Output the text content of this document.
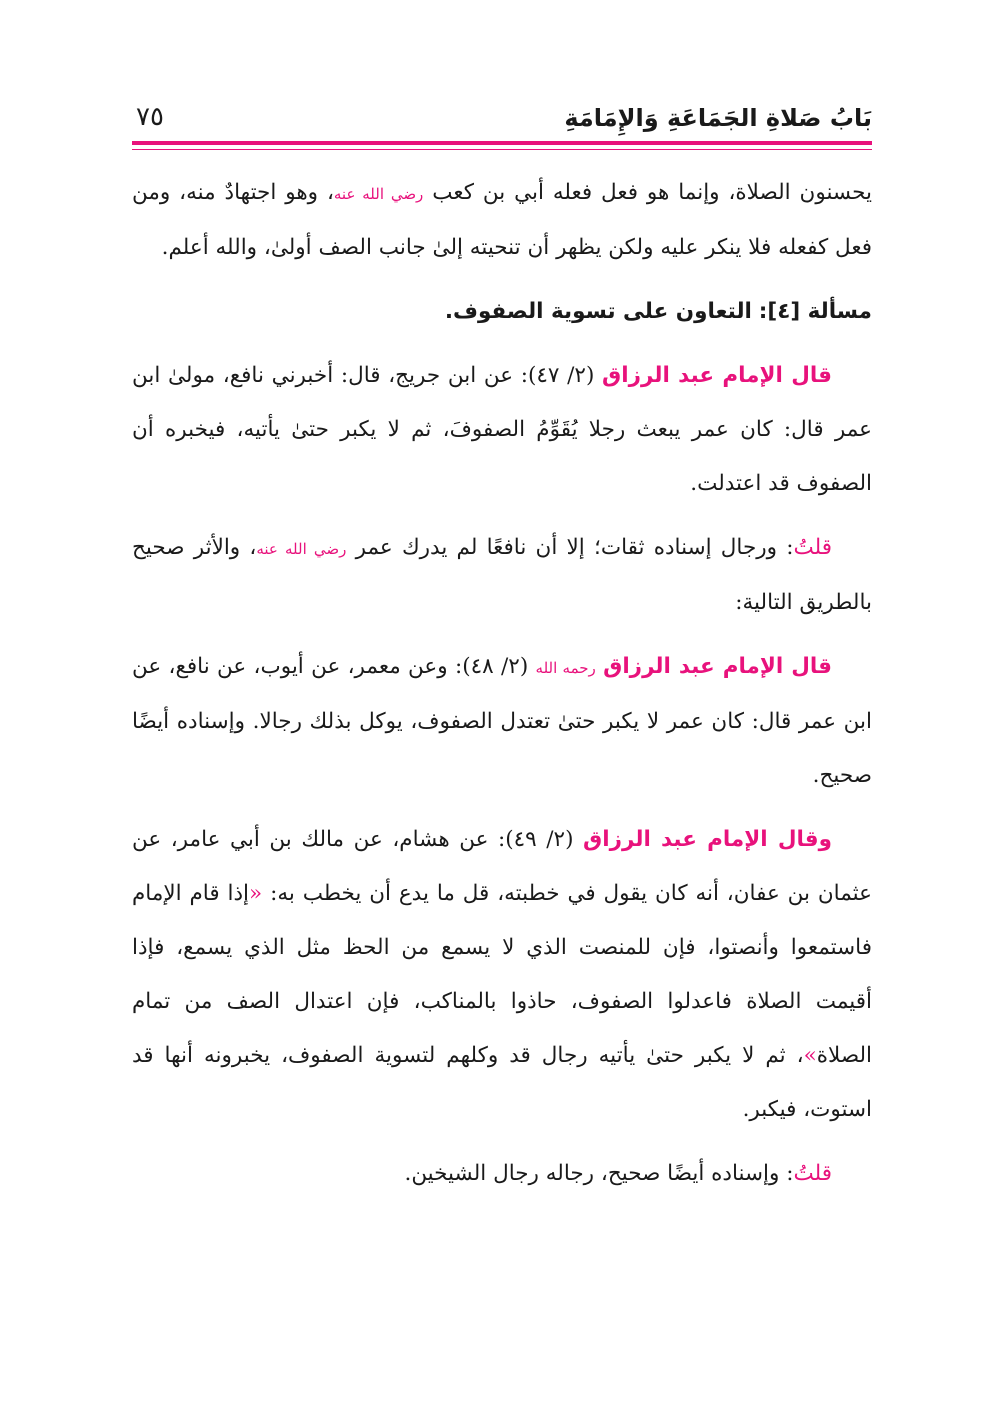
بَابُ صَلاةِ الجَمَاعَةِ وَالإِمَامَةِ
٧٥

يحسنون الصلاة، وإنما هو فعل فعله أبي بن كعب رضي الله عنه، وهو اجتهادٌ منه، ومن فعل كفعله فلا ينكر عليه ولكن يظهر أن تنحيته إلىٰ جانب الصف أولىٰ، والله أعلم.

مسألة [٤]: التعاون على تسوية الصفوف.

قال الإمام عبد الرزاق (٢/ ٤٧): عن ابن جريج، قال: أخبرني نافع، مولىٰ ابن عمر قال: كان عمر يبعث رجلا يُقَوِّمُ الصفوفَ، ثم لا يكبر حتىٰ يأتيه، فيخبره أن الصفوف قد اعتدلت.

قلتُ: ورجال إسناده ثقات؛ إلا أن نافعًا لم يدرك عمر رضي الله عنه، والأثر صحيح بالطريق التالية:

قال الإمام عبد الرزاق رحمه الله (٢/ ٤٨): وعن معمر، عن أيوب، عن نافع، عن ابن عمر قال: كان عمر لا يكبر حتىٰ تعتدل الصفوف، يوكل بذلك رجالا. وإسناده أيضًا صحيح.

وقال الإمام عبد الرزاق (٢/ ٤٩): عن هشام، عن مالك بن أبي عامر، عن عثمان بن عفان، أنه كان يقول في خطبته، قل ما يدع أن يخطب به: «إذا قام الإمام فاستمعوا وأنصتوا، فإن للمنصت الذي لا يسمع من الحظ مثل الذي يسمع، فإذا أقيمت الصلاة فاعدلوا الصفوف، حاذوا بالمناكب، فإن اعتدال الصف من تمام الصلاة»، ثم لا يكبر حتىٰ يأتيه رجال قد وكلهم لتسوية الصفوف، يخبرونه أنها قد استوت، فيكبر.

قلتُ: وإسناده أيضًا صحيح، رجاله رجال الشيخين.
